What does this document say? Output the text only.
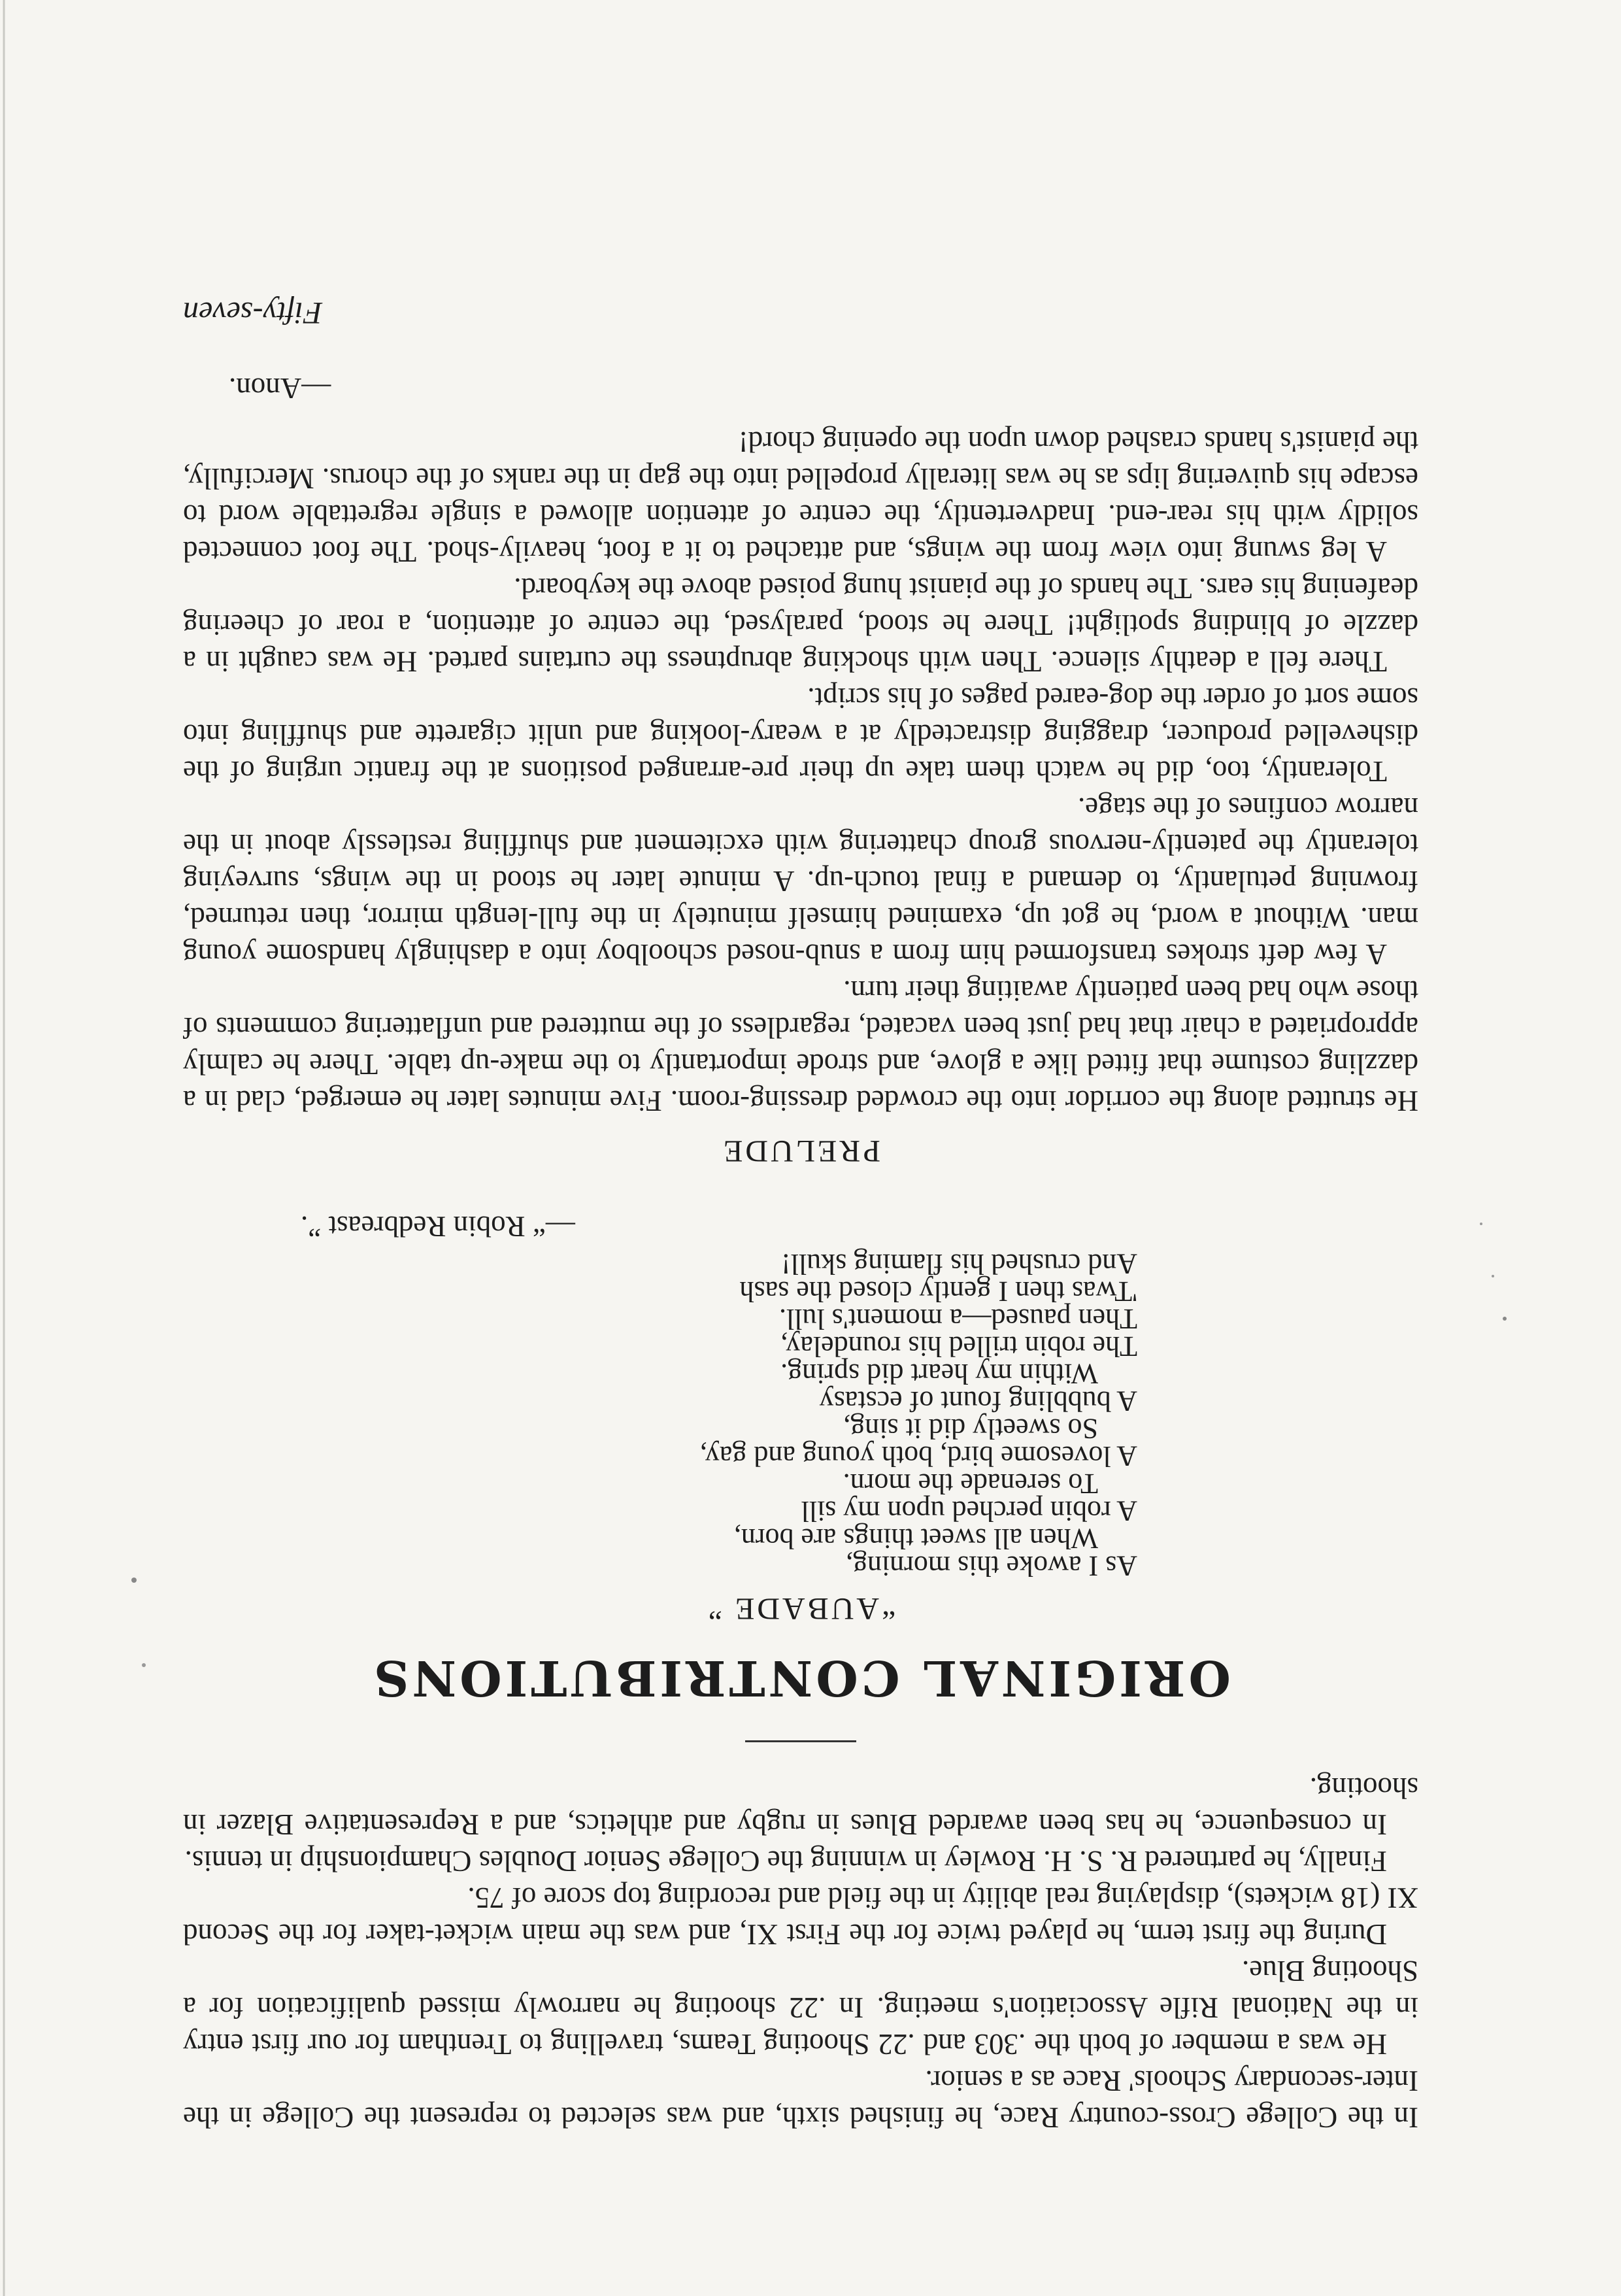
In the College Cross-country Race, he finished sixth, and was selected to represent the College in the Inter-secondary Schools' Race as a senior.

He was a member of both the .303 and .22 Shooting Teams, travelling to Trentham for our first entry in the National Rifle Association's meeting. In .22 shooting he narrowly missed qualification for a Shooting Blue.

During the first term, he played twice for the First XI, and was the main wicket-taker for the Second XI (18 wickets), displaying real ability in the field and recording top score of 75.

Finally, he partnered R. S. H. Rowley in winning the College Senior Doubles Championship in tennis.

In consequence, he has been awarded Blues in rugby and athletics, and a Representative Blazer in shooting.

ORIGINAL CONTRIBUTIONS
“AUBADE ”
As I awoke this morning,
When all sweet things are born,
A robin perched upon my sill
To serenade the morn.
A lovesome bird, both young and gay,
So sweetly did it sing,
A bubbling fount of ecstasy
Within my heart did spring.
The robin trilled his roundelay,
Then paused—a moment's lull.
'Twas then I gently closed the sash
And crushed his flaming skull!
—“ Robin Redbreast ”.
PRELUDE

He strutted along the corridor into the crowded dressing-room. Five minutes later he emerged, clad in a dazzling costume that fitted like a glove, and strode importantly to the make-up table. There he calmly appropriated a chair that had just been vacated, regardless of the muttered and unflattering comments of those who had been patiently awaiting their turn.

A few deft strokes transformed him from a snub-nosed schoolboy into a dashingly handsome young man. Without a word, he got up, examined himself minutely in the full-length mirror, then returned, frowning petulantly, to demand a final touch-up. A minute later he stood in the wings, surveying tolerantly the patently-nervous group chattering with excitement and shuffling restlessly about in the narrow confines of the stage.

Tolerantly, too, did he watch them take up their pre-arranged positions at the frantic urging of the dishevelled producer, dragging distractedly at a weary-looking and unlit cigarette and shuffling into some sort of order the dog-eared pages of his script.

There fell a deathly silence. Then with shocking abruptness the curtains parted. He was caught in a dazzle of blinding spotlight! There he stood, paralysed, the centre of attention, a roar of cheering deafening his ears. The hands of the pianist hung poised above the keyboard.

A leg swung into view from the wings, and attached to it a foot, heavily-shod. The foot connected solidly with his rear-end. Inadvertently, the centre of attention allowed a single regrettable word to escape his quivering lips as he was literally propelled into the gap in the ranks of the chorus. Mercifully, the pianist's hands crashed down upon the opening chord!

—Anon.
Fifty-seven
